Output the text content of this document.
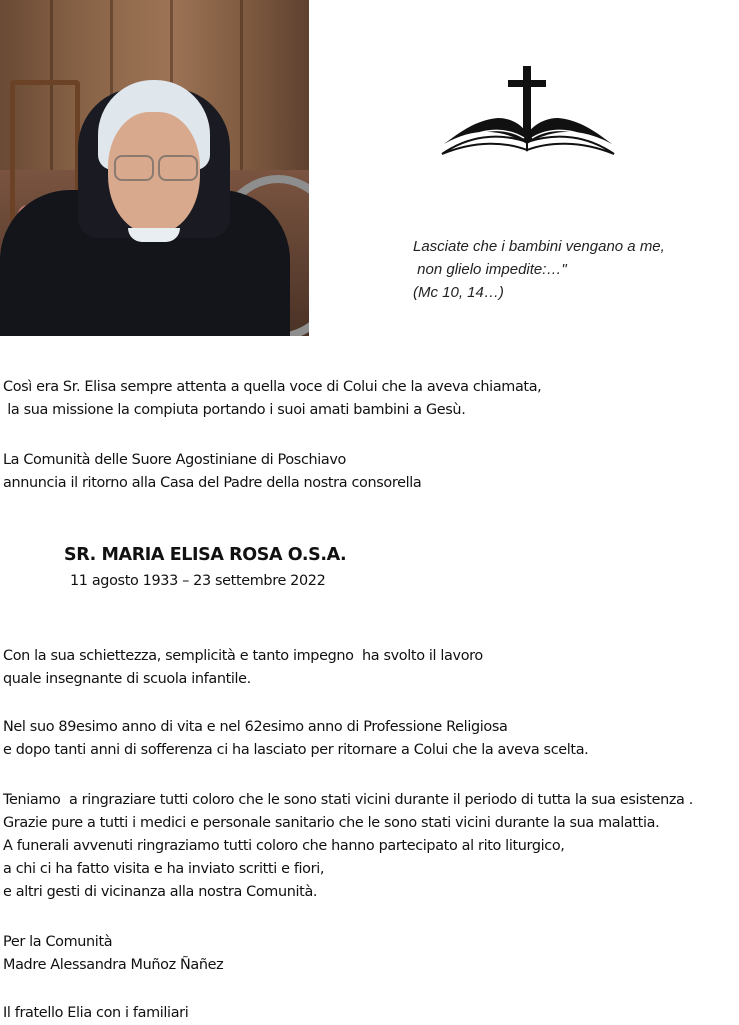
Lasciate che i bambini vengano a me,
non glielo impedite:…"
(Mc 10, 14…)
Così era Sr. Elisa sempre attenta a quella voce di Colui che la aveva chiamata,
la sua missione la compiuta portando i suoi amati bambini a Gesù.
La Comunità delle Suore Agostiniane di Poschiavo
annuncia il ritorno alla Casa del Padre della nostra consorella
SR. MARIA ELISA ROSA O.S.A.
11 agosto 1933 – 23 settembre 2022
Con la sua schiettezza, semplicità e tanto impegno  ha svolto il lavoro
quale insegnante di scuola infantile.
Nel suo 89esimo anno di vita e nel 62esimo anno di Professione Religiosa
e dopo tanti anni di sofferenza ci ha lasciato per ritornare a Colui che la aveva scelta.
Teniamo  a ringraziare tutti coloro che le sono stati vicini durante il periodo di tutta la sua esistenza .
Grazie pure a tutti i medici e personale sanitario che le sono stati vicini durante la sua malattia.
A funerali avvenuti ringraziamo tutti coloro che hanno partecipato al rito liturgico,
a chi ci ha fatto visita e ha inviato scritti e fiori,
e altri gesti di vicinanza alla nostra Comunità.
Per la Comunità
Madre Alessandra Muñoz Ñañez
Il fratello Elia con i familiari
